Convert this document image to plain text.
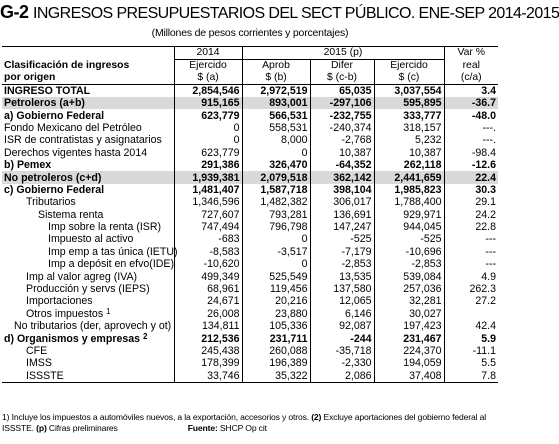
G-2 INGRESOS PRESUPUESTARIOS DEL SECT PÚBLICO. ENE-SEP 2014-2015
(Millones de pesos corrientes y porcentajes)
	2014	2015 (p)			Var %
Clasificación de ingresos	Ejercido	Aprob	Difer	Ejercido	real
por origen	$ (a)	$ (b)	$ (c-b)	$ (c)	(c/a)
INGRESO TOTAL	2,854,546	2,972,519	65,035	3,037,554	3.4
Petroleros (a+b)	915,165	893,001	-297,106	595,895	-36.7
a) Gobierno Federal	623,779	566,531	-232,755	333,777	-48.0
Fondo Mexicano del Petróleo	0	558,531	-240,374	318,157	---.
ISR de contratistas y asignatarios	0	8,000	-2,768	5,232	---.
Derechos vigentes hasta 2014	623,779	0	10,387	10,387	-98.4
b) Pemex	291,386	326,470	-64,352	262,118	-12.6
No petroleros (c+d)	1,939,381	2,079,518	362,142	2,441,659	22.4
c) Gobierno Federal	1,481,407	1,587,718	398,104	1,985,823	30.3
Tributarios	1,346,596	1,482,382	306,017	1,788,400	29.1
Sistema renta	727,607	793,281	136,691	929,971	24.2
Imp sobre la renta (ISR)	747,494	796,798	147,247	944,045	22.8
Impuesto al activo	-683	0	-525	-525	---
Imp emp a tas única (IETU)	-8,583	-3,517	-7,179	-10,696	---
Imp a depósit en efvo(IDE)	-10,620	0	-2,853	-2,853	---
Imp al valor agreg (IVA)	499,349	525,549	13,535	539,084	4.9
Producción y servs (IEPS)	68,961	119,456	137,580	257,036	262.3
Importaciones	24,671	20,216	12,065	32,281	27.2
Otros impuestos $^1$	26,008	23,880	6,146	30,027	
No tributarios (der, aprovech y ot)	134,811	105,336	92,087	197,423	42.4
d) Organismos y empresas $^2$	212,536	231,711	-244	231,467	5.9
CFE	245,438	260,088	-35,718	224,370	-11.1
IMSS	178,399	196,389	-2,330	194,059	5.5
ISSSTE	33,746	35,322	2,086	37,408	7.8
1) Incluye los impuestos a automóviles nuevos, a la exportación, accesorios y otros. (2) Excluye aportaciones del gobierno federal al
ISSSTE. (p) Cifras preliminares	Fuente: SHCP Op cit
